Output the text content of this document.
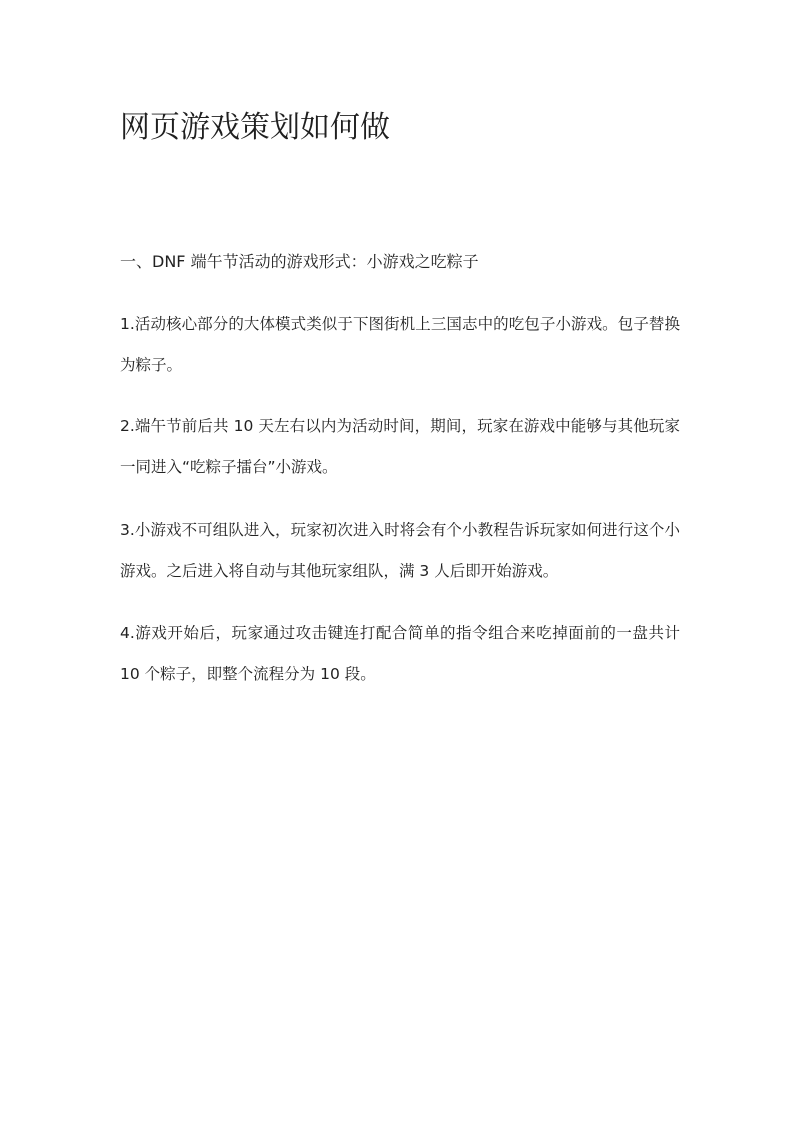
网页游戏策划如何做

一、DNF 端午节活动的游戏形式：小游戏之吃粽子

1.活动核心部分的大体模式类似于下图街机上三国志中的吃包子小游戏。包子替换为粽子。

2.端午节前后共 10 天左右以内为活动时间，期间，玩家在游戏中能够与其他玩家一同进入“吃粽子擂台”小游戏。

3.小游戏不可组队进入，玩家初次进入时将会有个小教程告诉玩家如何进行这个小游戏。之后进入将自动与其他玩家组队，满 3 人后即开始游戏。

4.游戏开始后，玩家通过攻击键连打配合简单的指令组合来吃掉面前的一盘共计 10 个粽子，即整个流程分为 10 段。
